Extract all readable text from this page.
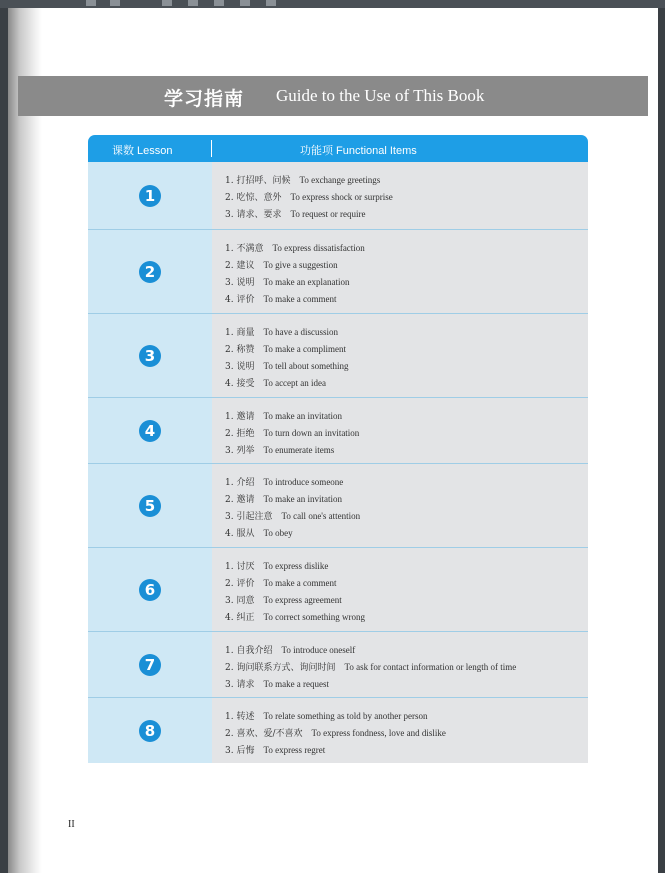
学习指南 Guide to the Use of This Book
课数 Lesson	功能项 Functional Items
1
1. 打招呼、问候 To exchange greetings
2. 吃惊、意外 To express shock or surprise
3. 请求、要求 To request or require
2
1. 不满意 To express dissatisfaction
2. 建议 To give a suggestion
3. 说明 To make an explanation
4. 评价 To make a comment
3
1. 商量 To have a discussion
2. 称赞 To make a compliment
3. 说明 To tell about something
4. 接受 To accept an idea
4
1. 邀请 To make an invitation
2. 拒绝 To turn down an invitation
3. 列举 To enumerate items
5
1. 介绍 To introduce someone
2. 邀请 To make an invitation
3. 引起注意 To call one's attention
4. 服从 To obey
6
1. 讨厌 To express dislike
2. 评价 To make a comment
3. 同意 To express agreement
4. 纠正 To correct something wrong
7
1. 自我介绍 To introduce oneself
2. 询问联系方式、询问时间 To ask for contact information or length of time
3. 请求 To make a request
8
1. 转述 To relate something as told by another person
2. 喜欢、爱/不喜欢 To express fondness, love and dislike
3. 后悔 To express regret
II
